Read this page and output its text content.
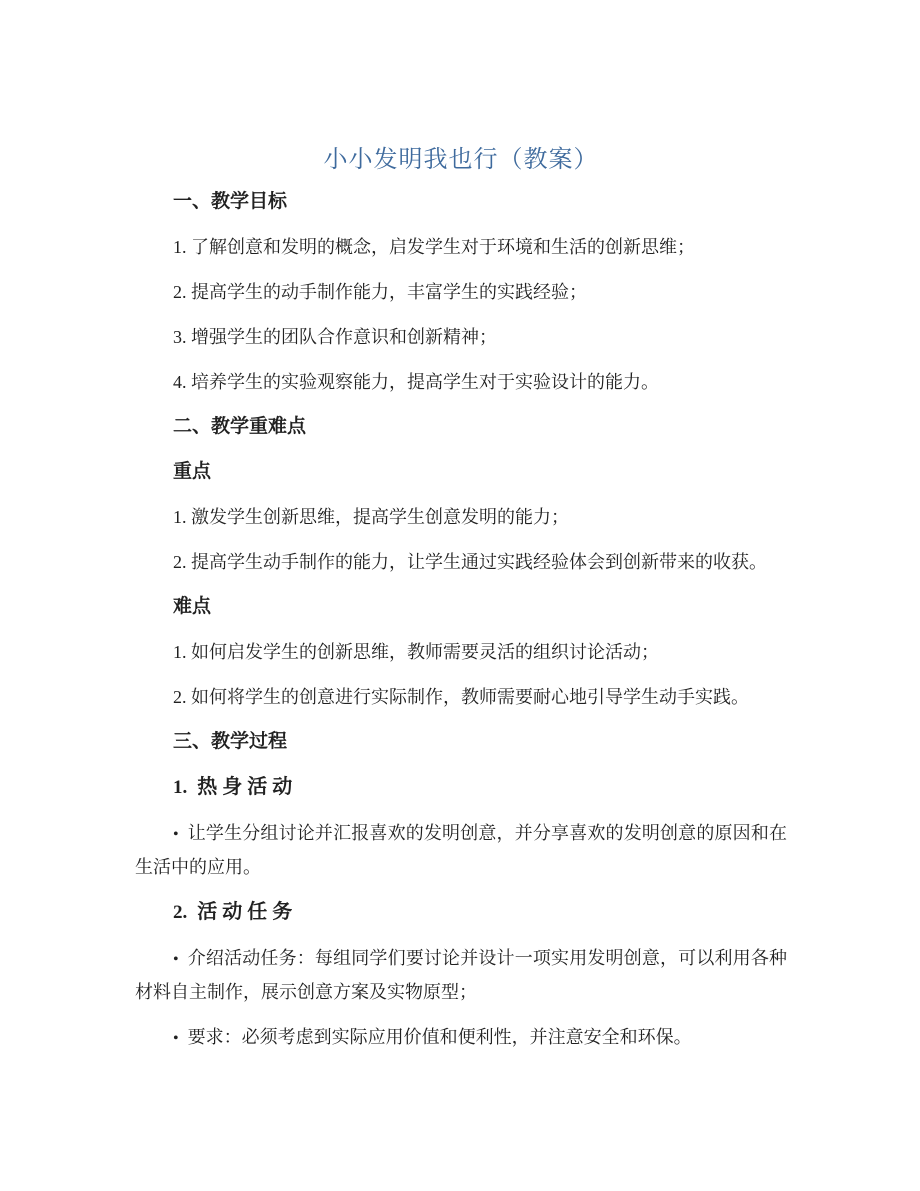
小小发明我也行（教案）

一、教学目标

1. 了解创意和发明的概念，启发学生对于环境和生活的创新思维；

2. 提高学生的动手制作能力，丰富学生的实践经验；

3. 增强学生的团队合作意识和创新精神；

4. 培养学生的实验观察能力，提高学生对于实验设计的能力。

二、教学重难点

重点

1. 激发学生创新思维，提高学生创意发明的能力；

2. 提高学生动手制作的能力，让学生通过实践经验体会到创新带来的收获。

难点

1. 如何启发学生的创新思维，教师需要灵活的组织讨论活动；

2. 如何将学生的创意进行实际制作，教师需要耐心地引导学生动手实践。

三、教学过程

1. 热身活动

• 让学生分组讨论并汇报喜欢的发明创意，并分享喜欢的发明创意的原因和在生活中的应用。

2. 活动任务

• 介绍活动任务：每组同学们要讨论并设计一项实用发明创意，可以利用各种材料自主制作，展示创意方案及实物原型；

• 要求：必须考虑到实际应用价值和便利性，并注意安全和环保。
